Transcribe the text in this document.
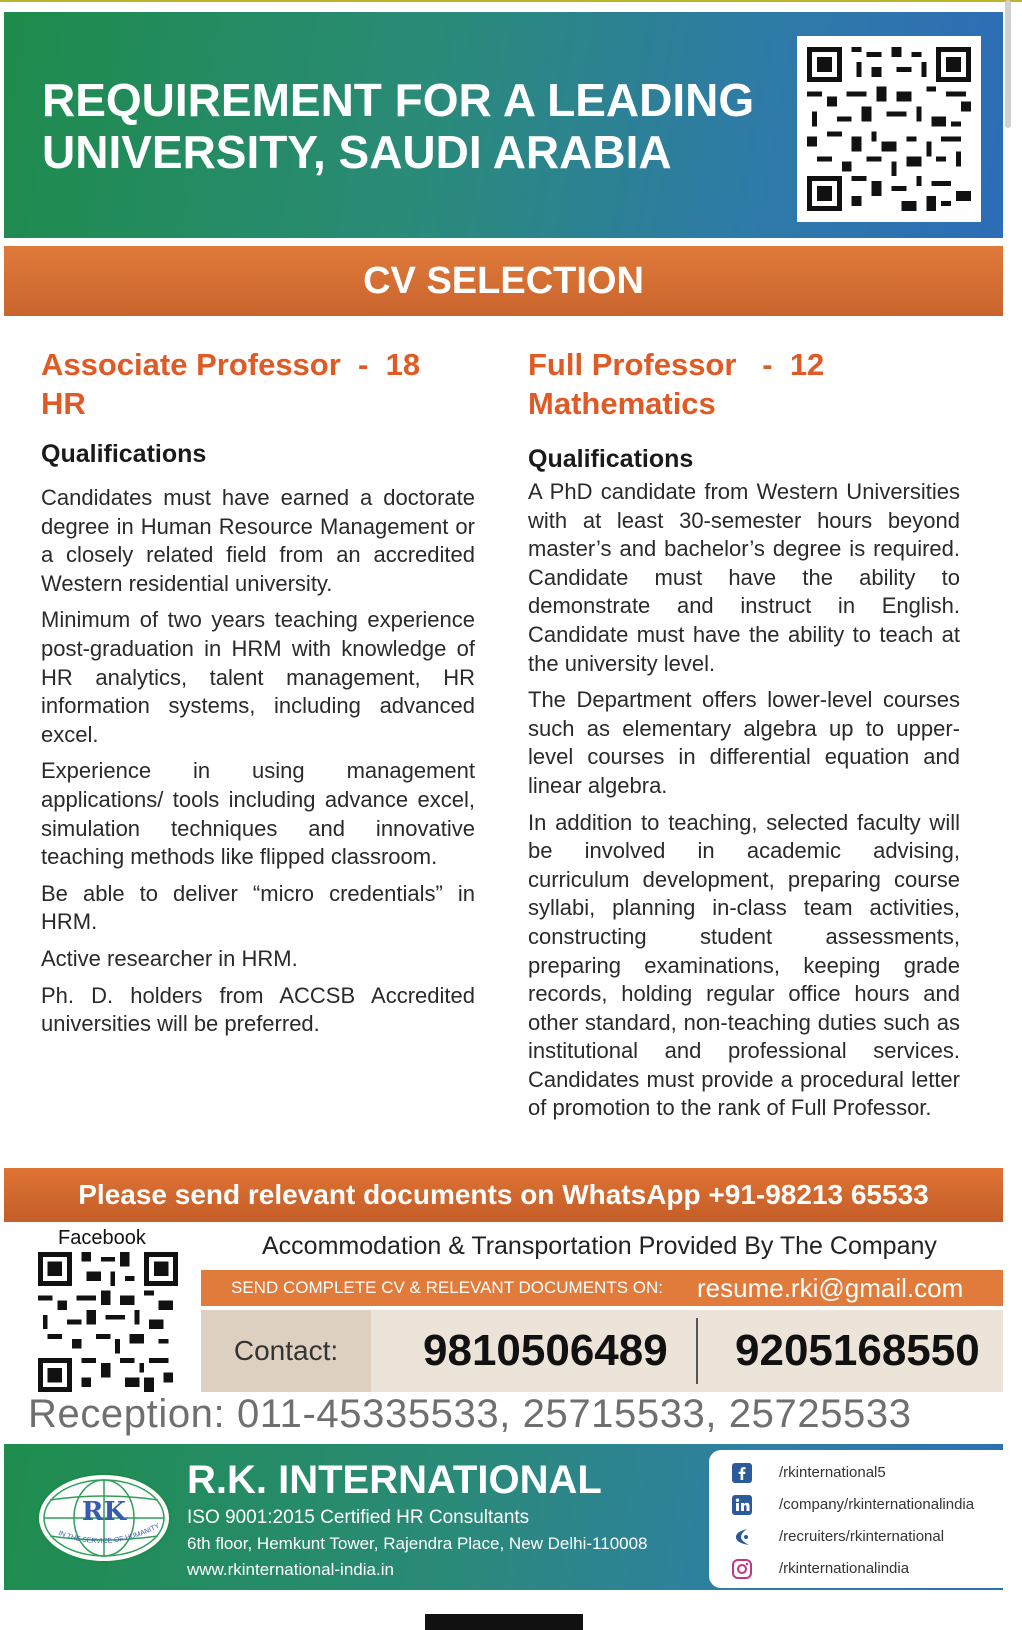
REQUIREMENT FOR A LEADING
UNIVERSITY, SAUDI ARABIA
CV SELECTION
Associate Professor  -  18
HR
Qualifications

Candidates must have earned a doctorate degree in Human Resource Management or a closely related field from an accredited Western residential university.

Minimum of two years teaching experience post-graduation in HRM with knowledge of HR analytics, talent management, HR information systems, including advanced excel.

Experience in using management applications/ tools including advance excel, simulation techniques and innovative teaching methods like flipped classroom.

Be able to deliver “micro credentials” in HRM.

Active researcher in HRM.

Ph. D. holders from ACCSB Accredited universities will be preferred.

Full Professor   -  12
Mathematics
Qualifications

A PhD candidate from Western Universities with at least 30-semester hours beyond master’s and bachelor’s degree is required. Candidate must have the ability to demonstrate and instruct in English. Candidate must have the ability to teach at the university level.

The Department offers lower-level courses such as elementary algebra up to upper-level courses in differential equation and linear algebra.

In addition to teaching, selected faculty will be involved in academic advising, curriculum development, preparing course syllabi, planning in-class team activities, constructing student assessments, preparing examinations, keeping grade records, holding regular office hours and other standard, non-teaching duties such as institutional and professional services. Candidates must provide a procedural letter of promotion to the rank of Full Professor.

Please send relevant documents on WhatsApp +91-98213 65533
Facebook	Accommodation & Transportation Provided By The Company
SEND COMPLETE CV & RELEVANT DOCUMENTS ON: resume.rki@gmail.com
Contact:	9810506489 9205168550
Reception: 011-45335533, 25715533, 25725533
RK
IN THE SERVICE OF HUMANITY
R.K. INTERNATIONAL
ISO 9001:2015 Certified HR Consultants
6th floor, Hemkunt Tower, Rajendra Place, New Delhi-110008
www.rkinternational-india.in
/rkinternational5
/company/rkinternationalindia
/recruiters/rkinternational
/rkinternationalindia
